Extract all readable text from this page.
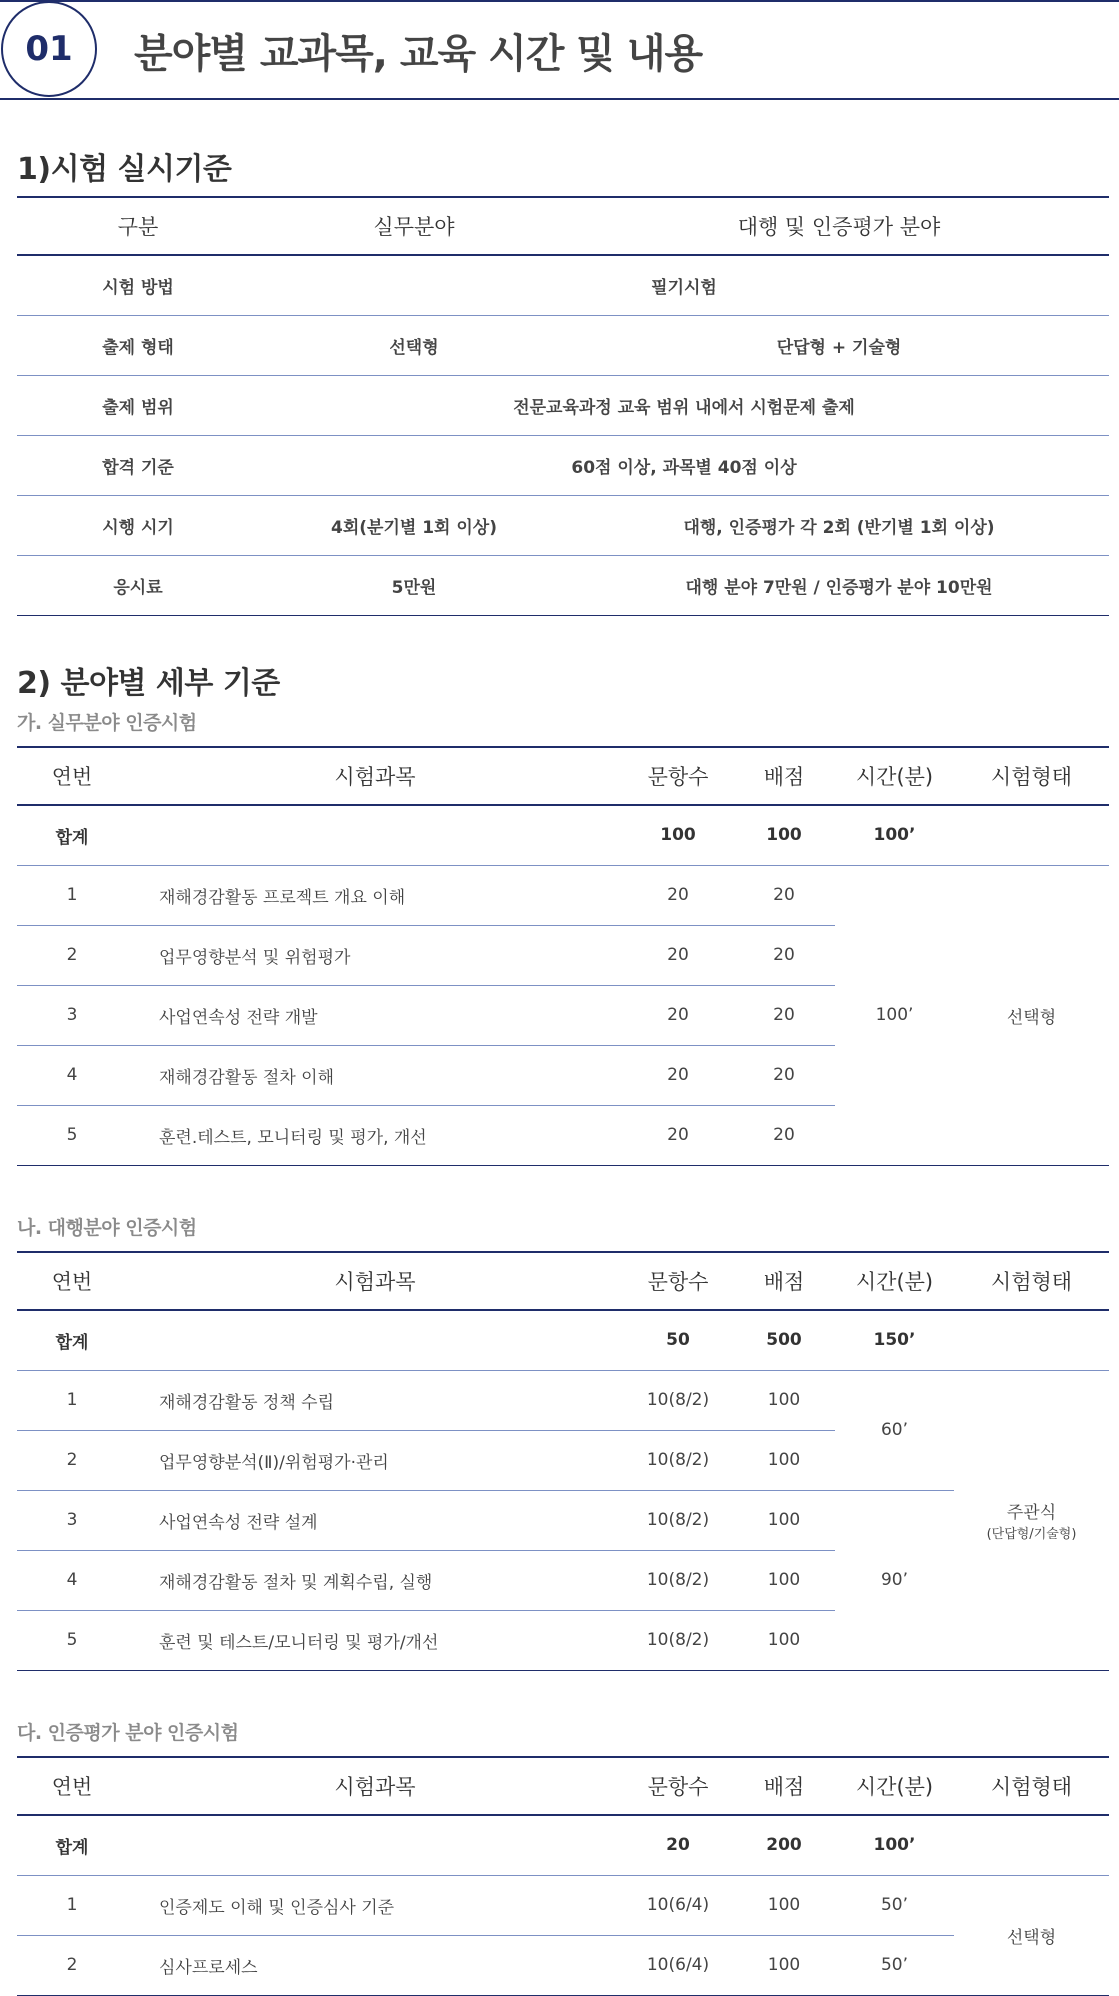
01	분야별 교과목, 교육 시간 및 내용
1)시험 실시기준
구분	실무분야	대행 및 인증평가 분야
시험 방법	필기시험	
출제 형태	선택형	단답형 + 기술형
출제 범위	전문교육과정 교육 범위 내에서 시험문제 출제	
합격 기준	60점 이상, 과목별 40점 이상	
시행 시기	4회(분기별 1회 이상)	대행, 인증평가 각 2회 (반기별 1회 이상)
응시료	5만원	대행 분야 7만원 / 인증평가 분야 10만원
2) 분야별 세부 기준
가. 실무분야 인증시험
연번	시험과목	문항수	배점	시간(분)	시험형태
합계		100	100	100’	
1	재해경감활동 프로젝트 개요 이해	20	20	100’	선택형
2	업무영향분석 및 위험평가	20	20		
3	사업연속성 전략 개발	20	20		
4	재해경감활동 절차 이해	20	20		
5	훈련.테스트, 모니터링 및 평가, 개선	20	20		
나. 대행분야 인증시험
연번	시험과목	문항수	배점	시간(분)	시험형태
합계		50	500	150’	
1	재해경감활동 정책 수립	10(8/2)	100	60’	주관식
(단답형/기술형)

2	업무영향분석(Ⅱ)/위험평가·관리	10(8/2)	100		
3	사업연속성 전략 설계	10(8/2)	100	90’	
4	재해경감활동 절차 및 계획수립, 실행	10(8/2)	100		
5	훈련 및 테스트/모니터링 및 평가/개선	10(8/2)	100		
다. 인증평가 분야 인증시험
연번	시험과목	문항수	배점	시간(분)	시험형태
합계		20	200	100’	
1	인증제도 이해 및 인증심사 기준	10(6/4)	100	50’	선택형
2	심사프로세스	10(6/4)	100	50’	
